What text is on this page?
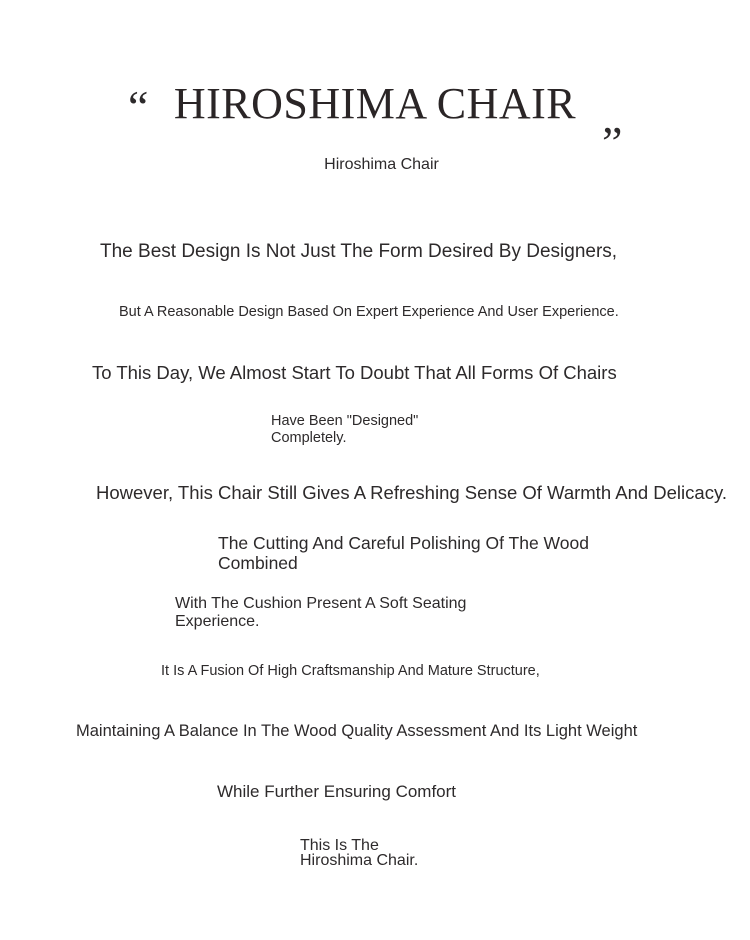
“ HIROSHIMA CHAIR
”
Hiroshima Chair
The Best Design Is Not Just The Form Desired By Designers,
But A Reasonable Design Based On Expert Experience And User Experience.
To This Day, We Almost Start To Doubt That All Forms Of Chairs
Have Been "Designed" Completely.
However, This Chair Still Gives A Refreshing Sense Of Warmth And Delicacy.
The Cutting And Careful Polishing Of The Wood Combined
With The Cushion Present A Soft Seating Experience.
It Is A Fusion Of High Craftsmanship And Mature Structure,
Maintaining A Balance In The Wood Quality Assessment And Its Light Weight
While Further Ensuring Comfort
This Is The Hiroshima Chair.
